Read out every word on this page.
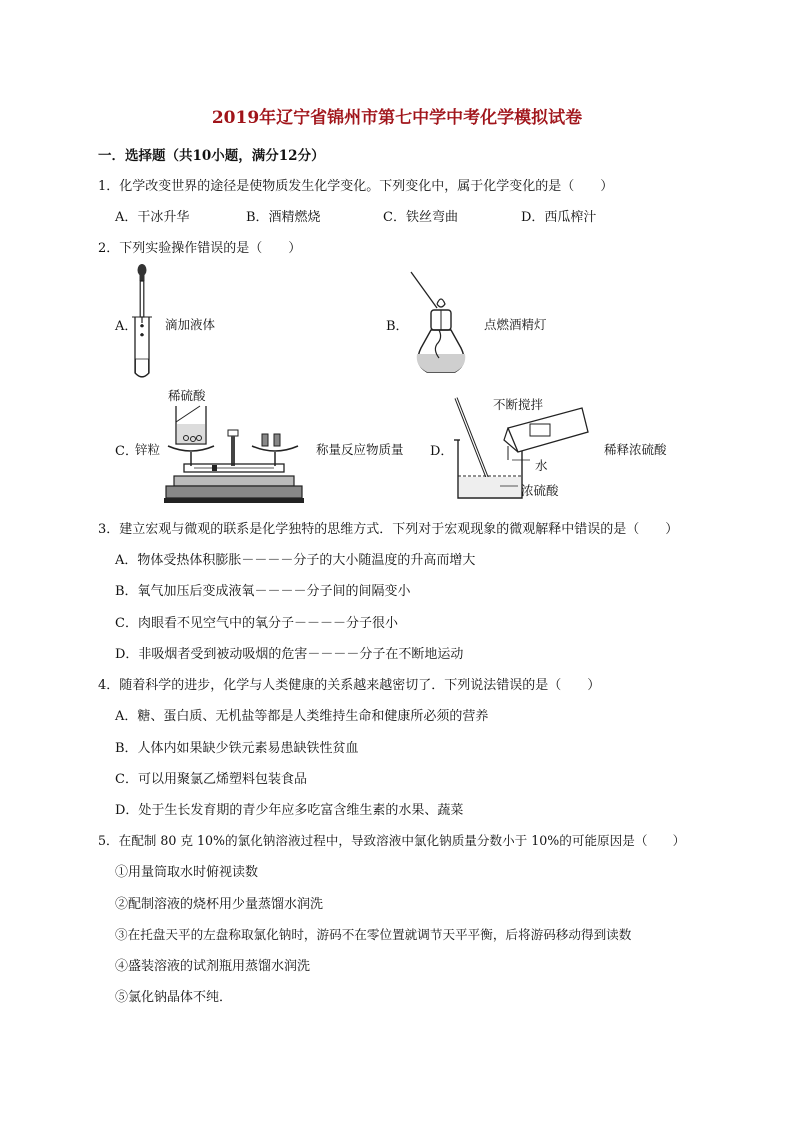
2019年辽宁省锦州市第七中学中考化学模拟试卷
一．选择题（共10小题，满分12分）
1．化学改变世界的途径是使物质发生化学变化。下列变化中，属于化学变化的是（　　）
A．干冰升华	B．酒精燃烧	C．铁丝弯曲	D．西瓜榨汁
2．下列实验操作错误的是（　　）
A． 滴加液体	B．	点燃酒精灯
C．
锌粒
稀硫酸
称量反应物质量 D．
不断搅拌
水
浓硫酸
稀释浓硫酸
3．建立宏观与微观的联系是化学独特的思维方式．下列对于宏观现象的微观解释中错误的是（　　）
A．物体受热体积膨胀－－－－分子的大小随温度的升高而增大
B．氧气加压后变成液氧－－－－分子间的间隔变小
C．肉眼看不见空气中的氧分子－－－－分子很小
D．非吸烟者受到被动吸烟的危害－－－－分子在不断地运动
4．随着科学的进步，化学与人类健康的关系越来越密切了．下列说法错误的是（　　）
A．糖、蛋白质、无机盐等都是人类维持生命和健康所必须的营养
B．人体内如果缺少铁元素易患缺铁性贫血
C．可以用聚氯乙烯塑料包装食品
D．处于生长发育期的青少年应多吃富含维生素的水果、蔬菜
5．在配制 80 克 10%的氯化钠溶液过程中，导致溶液中氯化钠质量分数小于 10%的可能原因是（　　）
①用量筒取水时俯视读数
②配制溶液的烧杯用少量蒸馏水润洗
③在托盘天平的左盘称取氯化钠时，游码不在零位置就调节天平平衡，后将游码移动得到读数
④盛装溶液的试剂瓶用蒸馏水润洗
⑤氯化钠晶体不纯．
